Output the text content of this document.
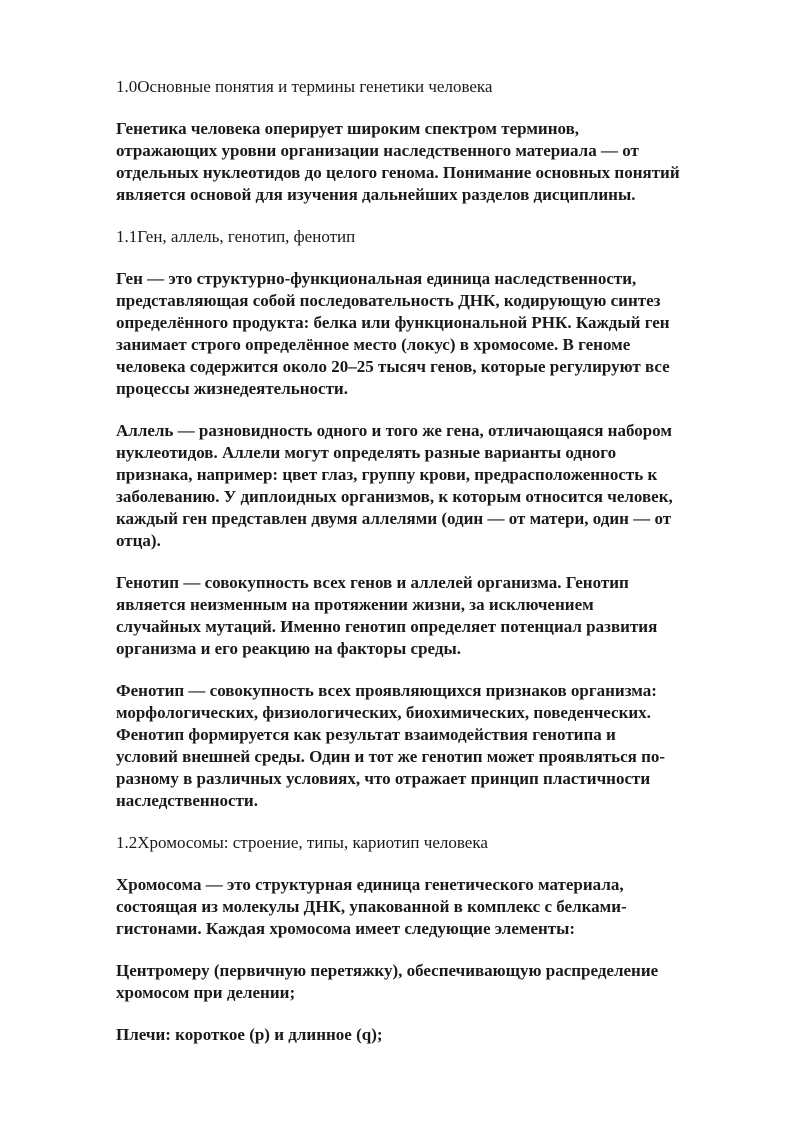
1.0Основные понятия и термины генетики человека

Генетика человека оперирует широким спектром терминов,
отражающих уровни организации наследственного материала — от
отдельных нуклеотидов до целого генома. Понимание основных понятий
является основой для изучения дальнейших разделов дисциплины.

1.1Ген, аллель, генотип, фенотип

Ген — это структурно-функциональная единица наследственности,
представляющая собой последовательность ДНК, кодирующую синтез
определённого продукта: белка или функциональной РНК. Каждый ген
занимает строго определённое место (локус) в хромосоме. В геноме
человека содержится около 20–25 тысяч генов, которые регулируют все
процессы жизнедеятельности.

Аллель — разновидность одного и того же гена, отличающаяся набором
нуклеотидов. Аллели могут определять разные варианты одного
признака, например: цвет глаз, группу крови, предрасположенность к
заболеванию. У диплоидных организмов, к которым относится человек,
каждый ген представлен двумя аллелями (один — от матери, один — от
отца).

Генотип — совокупность всех генов и аллелей организма. Генотип
является неизменным на протяжении жизни, за исключением
случайных мутаций. Именно генотип определяет потенциал развития
организма и его реакцию на факторы среды.

Фенотип — совокупность всех проявляющихся признаков организма:
морфологических, физиологических, биохимических, поведенческих.
Фенотип формируется как результат взаимодействия генотипа и
условий внешней среды. Один и тот же генотип может проявляться по-
разному в различных условиях, что отражает принцип пластичности
наследственности.

1.2Хромосомы: строение, типы, кариотип человека

Хромосома — это структурная единица генетического материала,
состоящая из молекулы ДНК, упакованной в комплекс с белками-
гистонами. Каждая хромосома имеет следующие элементы:

Центромеру (первичную перетяжку), обеспечивающую распределение
хромосом при делении;

Плечи: короткое (p) и длинное (q);
